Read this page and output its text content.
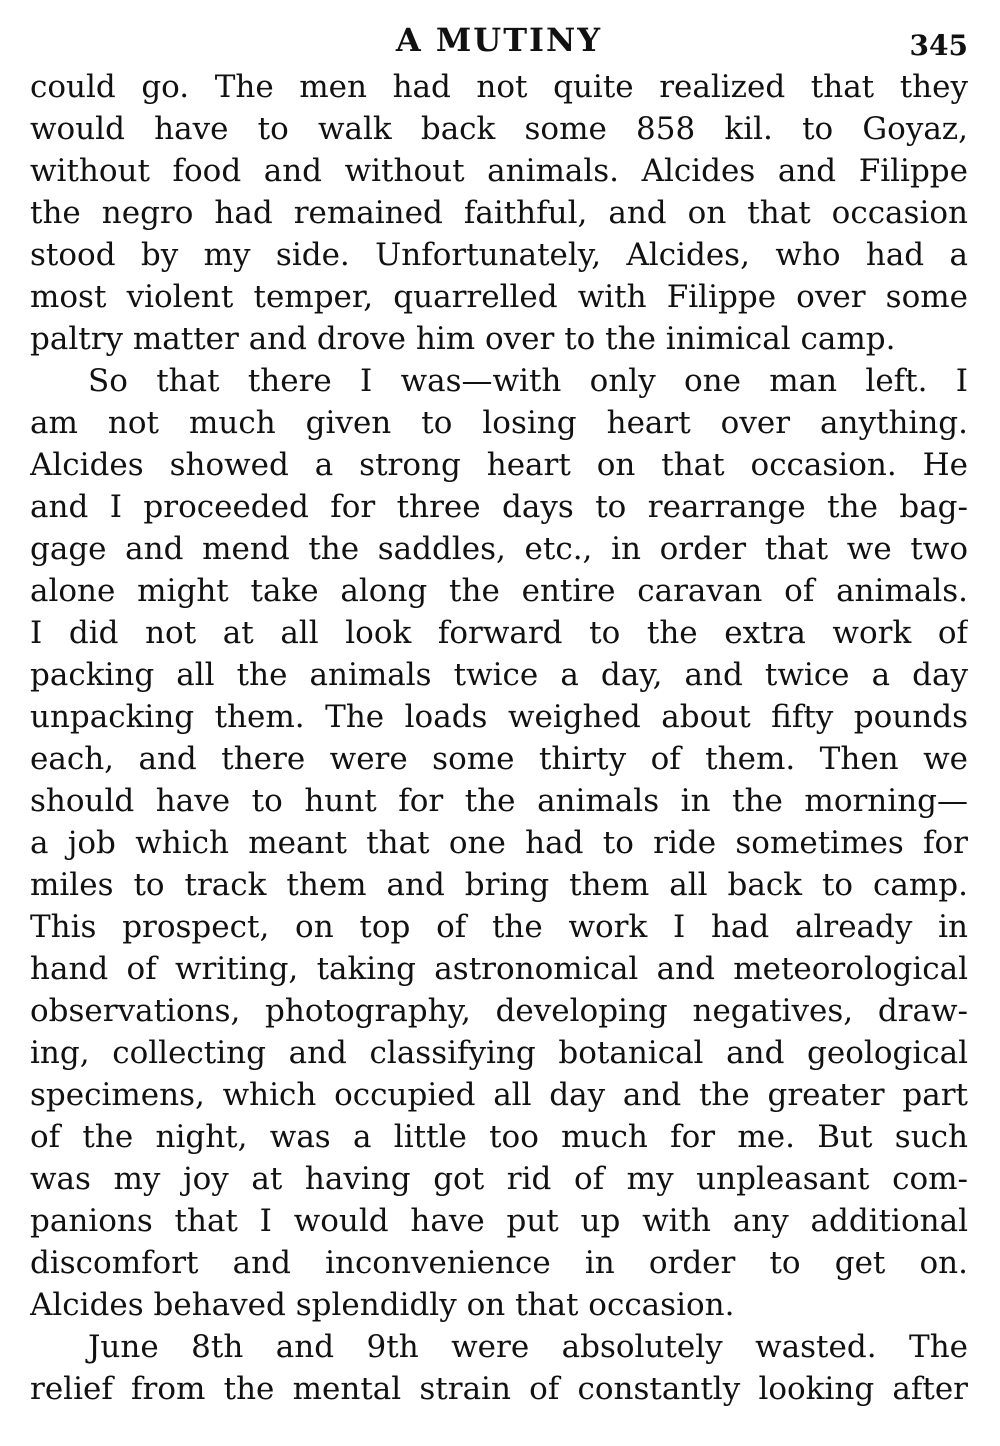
A MUTINY	345
could go. The men had not quite realized that they
would have to walk back some 858 kil. to Goyaz,
without food and without animals. Alcides and Filippe
the negro had remained faithful, and on that occasion
stood by my side. Unfortunately, Alcides, who had a
most violent temper, quarrelled with Filippe over some
paltry matter and drove him over to the inimical camp.
So that there I was—with only one man left. I
am not much given to losing heart over anything.
Alcides showed a strong heart on that occasion. He
and I proceeded for three days to rearrange the bag-
gage and mend the saddles, etc., in order that we two
alone might take along the entire caravan of animals.
I did not at all look forward to the extra work of
packing all the animals twice a day, and twice a day
unpacking them. The loads weighed about fifty pounds
each, and there were some thirty of them. Then we
should have to hunt for the animals in the morning—
a job which meant that one had to ride sometimes for
miles to track them and bring them all back to camp.
This prospect, on top of the work I had already in
hand of writing, taking astronomical and meteorological
observations, photography, developing negatives, draw-
ing, collecting and classifying botanical and geological
specimens, which occupied all day and the greater part
of the night, was a little too much for me. But such
was my joy at having got rid of my unpleasant com-
panions that I would have put up with any additional
discomfort and inconvenience in order to get on.
Alcides behaved splendidly on that occasion.
June 8th and 9th were absolutely wasted. The
relief from the mental strain of constantly looking after
